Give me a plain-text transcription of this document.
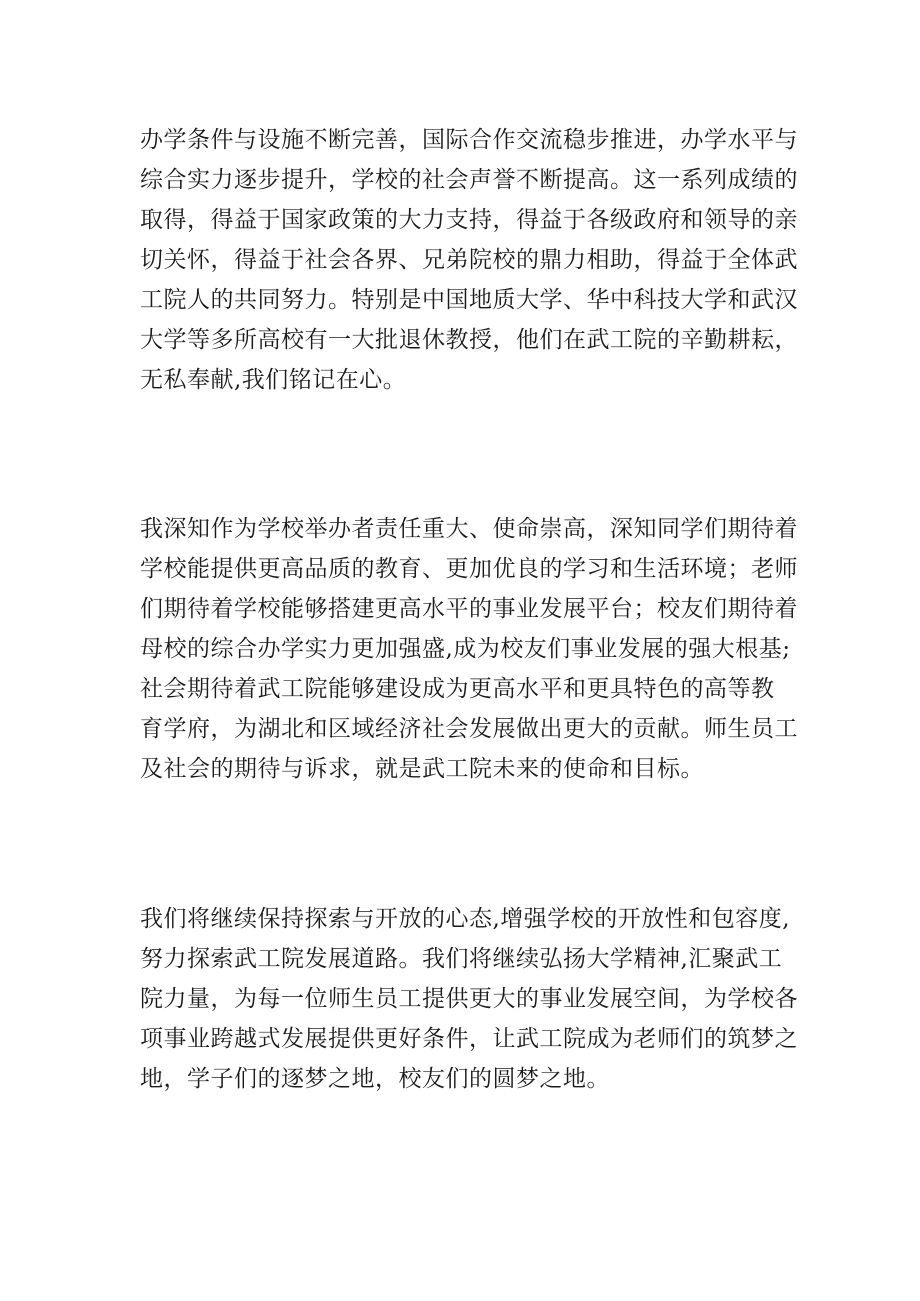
办学条件与设施不断完善，国际合作交流稳步推进，办学水平与
综合实力逐步提升，学校的社会声誉不断提高。这一系列成绩的
取得，得益于国家政策的大力支持，得益于各级政府和领导的亲
切关怀，得益于社会各界、兄弟院校的鼎力相助，得益于全体武
工院人的共同努力。特别是中国地质大学、华中科技大学和武汉
大学等多所高校有一大批退休教授，他们在武工院的辛勤耕耘，
无私奉献,我们铭记在心。
我深知作为学校举办者责任重大、使命崇高，深知同学们期待着
学校能提供更高品质的教育、更加优良的学习和生活环境；老师
们期待着学校能够搭建更高水平的事业发展平台；校友们期待着
母校的综合办学实力更加强盛,成为校友们事业发展的强大根基;
社会期待着武工院能够建设成为更高水平和更具特色的高等教
育学府，为湖北和区域经济社会发展做出更大的贡献。师生员工
及社会的期待与诉求，就是武工院未来的使命和目标。
我们将继续保持探索与开放的心态,增强学校的开放性和包容度,
努力探索武工院发展道路。我们将继续弘扬大学精神,汇聚武工
院力量，为每一位师生员工提供更大的事业发展空间，为学校各
项事业跨越式发展提供更好条件，让武工院成为老师们的筑梦之
地，学子们的逐梦之地，校友们的圆梦之地。
